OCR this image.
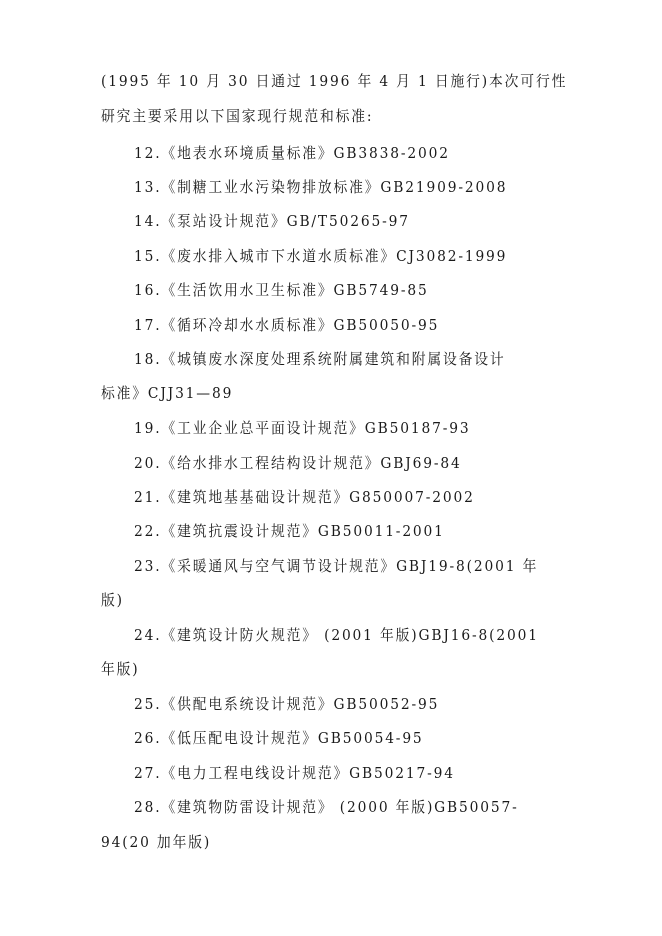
(1995 年 10 月 30 日通过 1996 年 4 月 1 日施行)本次可行性
研究主要采用以下国家现行规范和标准:
12.《地表水环境质量标准》GB3838-2002
13.《制糖工业水污染物排放标准》GB21909-2008
14.《泵站设计规范》GB/T50265-97
15.《废水排入城市下水道水质标准》CJ3082-1999
16.《生活饮用水卫生标准》GB5749-85
17.《循环冷却水水质标准》GB50050-95
18.《城镇废水深度处理系统附属建筑和附属设备设计
标准》CJJ31—89
19.《工业企业总平面设计规范》GB50187-93
20.《给水排水工程结构设计规范》GBJ69-84
21.《建筑地基基础设计规范》G850007-2002
22.《建筑抗震设计规范》GB50011-2001
23.《采暖通风与空气调节设计规范》GBJ19-8(2001 年
版)
24.《建筑设计防火规范》 (2001 年版)GBJ16-8(2001
年版)
25.《供配电系统设计规范》GB50052-95
26.《低压配电设计规范》GB50054-95
27.《电力工程电线设计规范》GB50217-94
28.《建筑物防雷设计规范》 (2000 年版)GB50057-
94(20 加年版)
